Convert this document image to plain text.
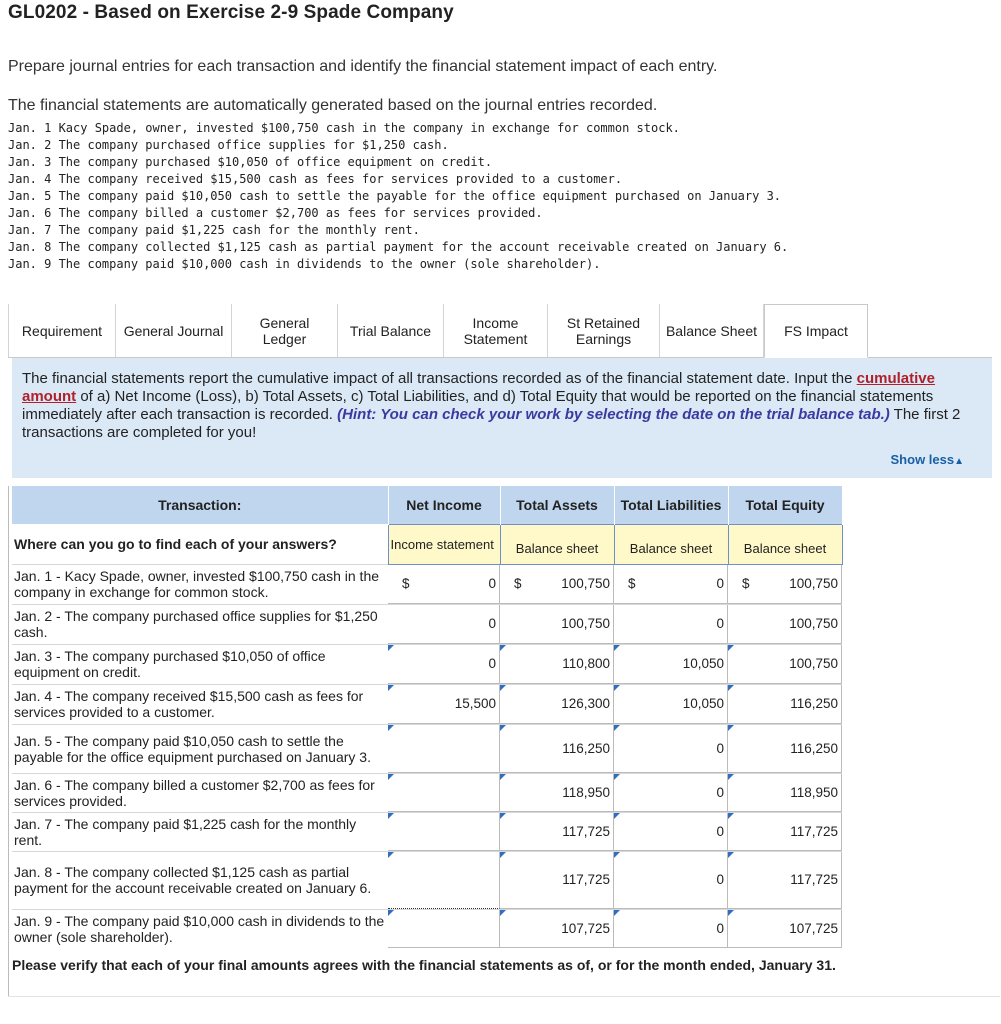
GL0202 - Based on Exercise 2-9 Spade Company
Prepare journal entries for each transaction and identify the financial statement impact of each entry.
The financial statements are automatically generated based on the journal entries recorded.
Jan. 1 Kacy Spade, owner, invested $100,750 cash in the company in exchange for common stock.
Jan. 2 The company purchased office supplies for $1,250 cash.
Jan. 3 The company purchased $10,050 of office equipment on credit.
Jan. 4 The company received $15,500 cash as fees for services provided to a customer.
Jan. 5 The company paid $10,050 cash to settle the payable for the office equipment purchased on January 3.
Jan. 6 The company billed a customer $2,700 as fees for services provided.
Jan. 7 The company paid $1,225 cash for the monthly rent.
Jan. 8 The company collected $1,125 cash as partial payment for the account receivable created on January 6.
Jan. 9 The company paid $10,000 cash in dividends to the owner (sole shareholder).
Requirement	General Journal	General Ledger	Trial Balance	Income Statement
St Retained Earnings	Balance Sheet	FS Impact
The financial statements report the cumulative impact of all transactions recorded as of the financial statement date. Input the cumulative amount of a) Net Income (Loss), b) Total Assets, c) Total Liabilities, and d) Total Equity that would be reported on the financial statements immediately after each transaction is recorded. (Hint: You can check your work by selecting the date on the trial balance tab.) The first 2 transactions are completed for you!
Show less▲
Transaction:	Net Income	Total Assets	Total Liabilities	Total Equity
Where can you go to find each of your answers?	Income statement	Balance sheet	Balance sheet	Balance sheet

Jan. 1 - Kacy Spade, owner, invested $100,750 cash in the company in exchange for common stock.	$ 0	$ 100,750	$ 0	$ 100,750

Jan. 2 - The company purchased office supplies for $1,250 cash.	0	100,750	0	100,750

Jan. 3 - The company purchased $10,050 of office equipment on credit.	0	110,800	10,050	100,750

Jan. 4 - The company received $15,500 cash as fees for services provided to a customer.	15,500	126,300	10,050	116,250

Jan. 5 - The company paid $10,050 cash to settle the payable for the office equipment purchased on January 3.		116,250	0	116,250

Jan. 6 - The company billed a customer $2,700 as fees for services provided.		118,950	0	118,950

Jan. 7 - The company paid $1,225 cash for the monthly rent.		117,725	0	117,725

Jan. 8 - The company collected $1,125 cash as partial payment for the account receivable created on January 6.		117,725	0	117,725

Jan. 9 - The company paid $10,000 cash in dividends to the owner (sole shareholder).		107,725	0	107,725
Please verify that each of your final amounts agrees with the financial statements as of, or for the month ended, January 31.
